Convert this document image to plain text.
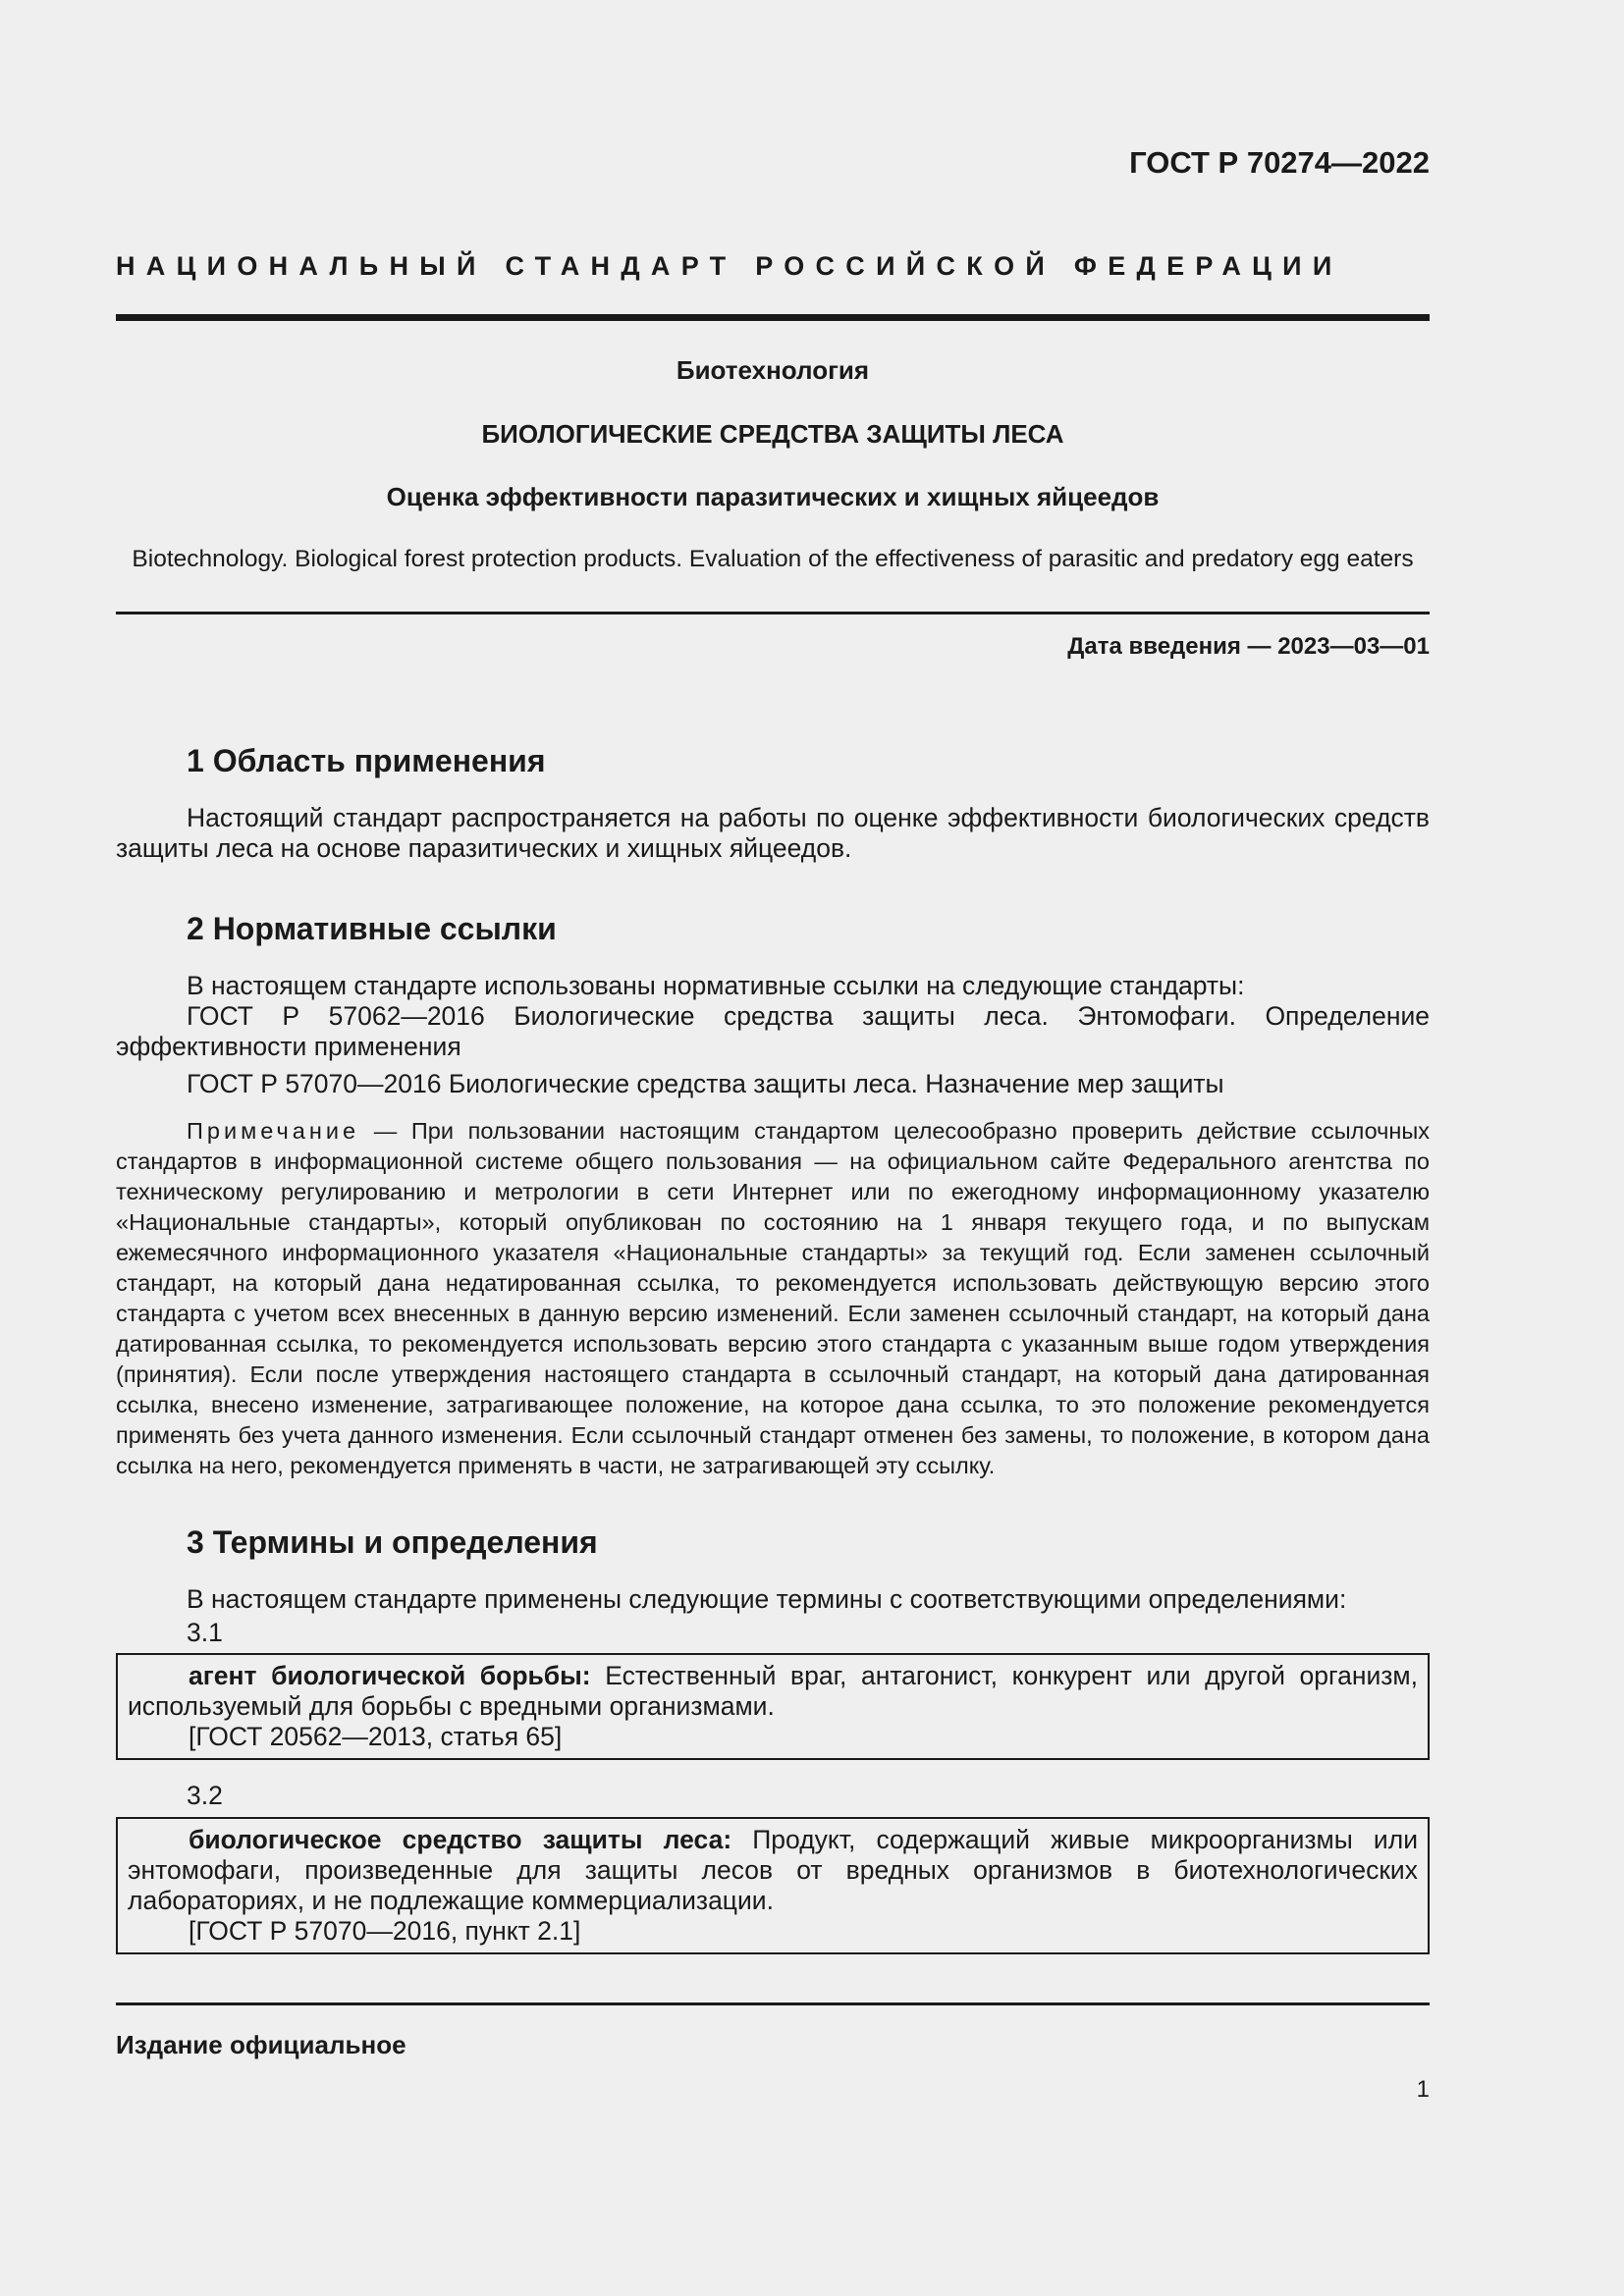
ГОСТ Р 70274—2022
НАЦИОНАЛЬНЫЙ СТАНДАРТ РОССИЙСКОЙ ФЕДЕРАЦИИ
Биотехнология
БИОЛОГИЧЕСКИЕ СРЕДСТВА ЗАЩИТЫ ЛЕСА
Оценка эффективности паразитических и хищных яйцеедов
Biotechnology. Biological forest protection products. Evaluation of the effectiveness of parasitic and predatory egg eaters
Дата введения — 2023—03—01
1 Область применения
Настоящий стандарт распространяется на работы по оценке эффективности биологических средств защиты леса на основе паразитических и хищных яйцеедов.
2 Нормативные ссылки
В настоящем стандарте использованы нормативные ссылки на следующие стандарты:
ГОСТ Р 57062—2016 Биологические средства защиты леса. Энтомофаги. Определение эффективности применения
ГОСТ Р 57070—2016 Биологические средства защиты леса. Назначение мер защиты
Примечание — При пользовании настоящим стандартом целесообразно проверить действие ссылочных стандартов в информационной системе общего пользования — на официальном сайте Федерального агентства по техническому регулированию и метрологии в сети Интернет или по ежегодному информационному указателю «Национальные стандарты», который опубликован по состоянию на 1 января текущего года, и по выпускам ежемесячного информационного указателя «Национальные стандарты» за текущий год. Если заменен ссылочный стандарт, на который дана недатированная ссылка, то рекомендуется использовать действующую версию этого стандарта с учетом всех внесенных в данную версию изменений. Если заменен ссылочный стандарт, на который дана датированная ссылка, то рекомендуется использовать версию этого стандарта с указанным выше годом утверждения (принятия). Если после утверждения настоящего стандарта в ссылочный стандарт, на который дана датированная ссылка, внесено изменение, затрагивающее положение, на которое дана ссылка, то это положение рекомендуется применять без учета данного изменения. Если ссылочный стандарт отменен без замены, то положение, в котором дана ссылка на него, рекомендуется применять в части, не затрагивающей эту ссылку.
3 Термины и определения
В настоящем стандарте применены следующие термины с соответствующими определениями:
3.1
агент биологической борьбы: Естественный враг, антагонист, конкурент или другой организм, используемый для борьбы с вредными организмами.
[ГОСТ 20562—2013, статья 65]
3.2
биологическое средство защиты леса: Продукт, содержащий живые микроорганизмы или энтомофаги, произведенные для защиты лесов от вредных организмов в биотехнологических лабораториях, и не подлежащие коммерциализации.
[ГОСТ Р 57070—2016, пункт 2.1]
Издание официальное
1
